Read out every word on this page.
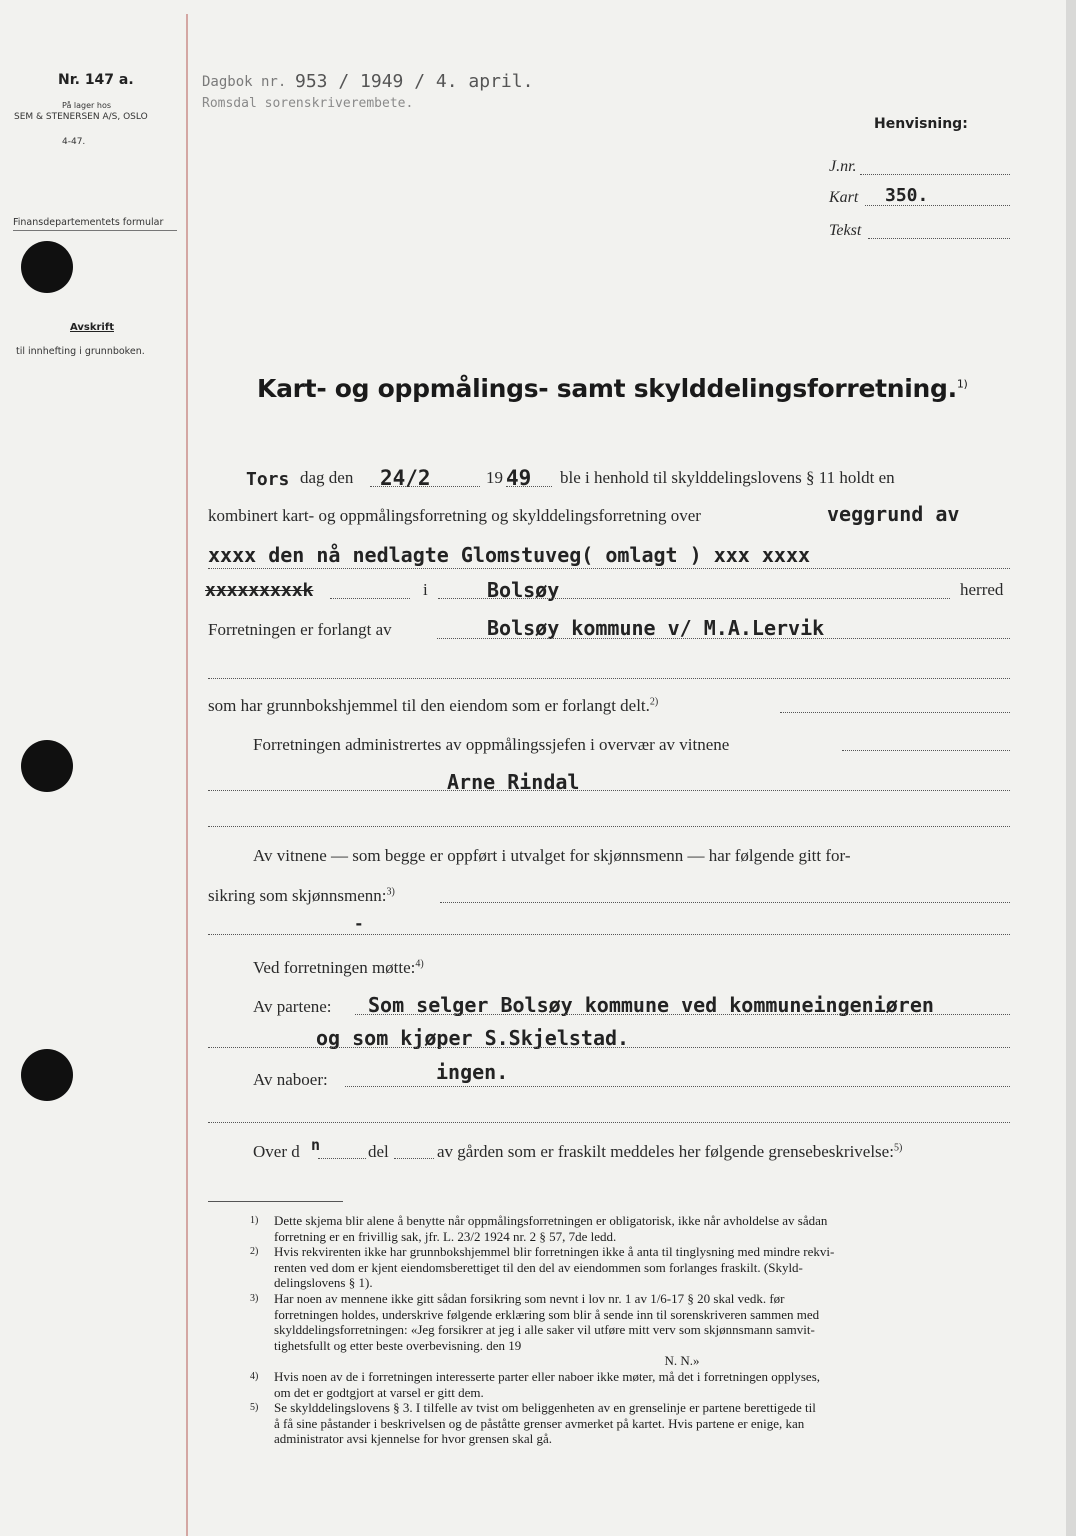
Nr. 147 a.
På lager hos
SEM & STENERSEN A/S, OSLO
4-47.
Finansdepartementets formular
Avskrift
til innhefting i grunnboken.
Dagbok nr. 953 / 1949 / 4. april.
Romsdal sorenskriverembete.
Henvisning:
J.nr.
Kart 350.
Tekst
Kart- og oppmålings- samt skylddelingsforretning.$^{1)}$
Tors dag den 24/2	19 49 ble i henhold til skylddelingslovens § 11 holdt en
kombinert kart- og oppmålingsforretning og skylddelingsforretning over	veggrund av
xxxx den nå nedlagte Glomstuveg( omlagt ) xxx xxxx
xxxxxxxxxk	i	Bolsøy	herred
Forretningen er forlangt av	Bolsøy kommune v/ M.A.Lervik
som har grunnbokshjemmel til den eiendom som er forlangt delt.$^{2)}$
Forretningen administrertes av oppmålingssjefen i overvær av vitnene
Arne Rindal
Av vitnene — som begge er oppført i utvalget for skjønnsmenn — har følgende gitt for-
sikring som skjønnsmenn:$^{3)}$
-
Ved forretningen møtte:$^{4)}$
Av partene: Som selger Bolsøy kommune ved kommuneingeniøren
og som kjøper S.Skjelstad.
Av naboer:	ingen.
Over d n	del	av gården som er fraskilt meddeles her følgende grensebeskrivelse:$^{5)}$
1) Dette skjema blir alene å benytte når oppmålingsforretningen er obligatorisk, ikke når avholdelse av sådan
forretning er en frivillig sak, jfr. L. 23/2 1924 nr. 2 § 57, 7de ledd.
2) Hvis rekvirenten ikke har grunnbokshjemmel blir forretningen ikke å anta til tinglysning med mindre rekvi-
renten ved dom er kjent eiendomsberettiget til den del av eiendommen som forlanges fraskilt. (Skyld-
delingslovens § 1).
3) Har noen av mennene ikke gitt sådan forsikring som nevnt i lov nr. 1 av 1/6-17 § 20 skal vedk. før
forretningen holdes, underskrive følgende erklæring som blir å sende inn til sorenskriveren sammen med
skylddelingsforretningen: «Jeg forsikrer at jeg i alle saker vil utføre mitt verv som skjønnsmann samvit-
tighetsfullt og etter beste overbevisning. den 19
N. N.»
4) Hvis noen av de i forretningen interesserte parter eller naboer ikke møter, må det i forretningen opplyses,
om det er godtgjort at varsel er gitt dem.
5) Se skylddelingslovens § 3. I tilfelle av tvist om beliggenheten av en grenselinje er partene berettigede til
å få sine påstander i beskrivelsen og de påståtte grenser avmerket på kartet. Hvis partene er enige, kan
administrator avsi kjennelse for hvor grensen skal gå.
